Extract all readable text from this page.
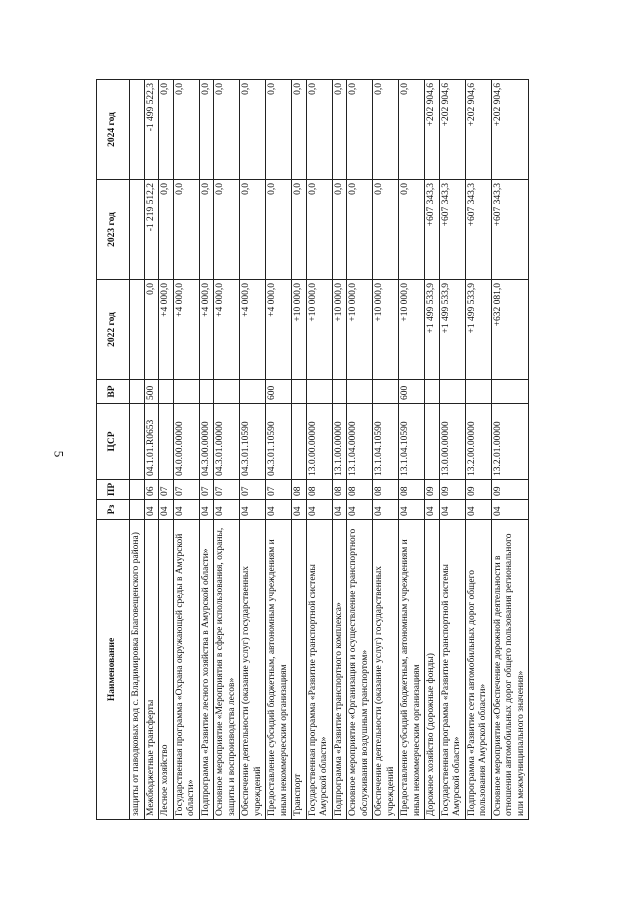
5
Наименование	Рз	ПР	ЦСР	ВР	2022 год	2023 год	2024 год
защиты от паводковых вод с. Владимировка Благовещенского района)							
Межбюджетные трансферты	04	06	04.1.01.R0653	500	0,0	-1 219 512,2	-1 499 522,3
Лесное хозяйство	04	07			+4 000,0	0,0	0,0
Государственная программа «Охрана окружающей среды в Амурской области»	04	07	04.0.00.00000		+4 000,0	0,0	0,0
Подпрограмма «Развитие лесного хозяйства в Амурской области»	04	07	04.3.00.00000		+4 000,0	0,0	0,0
Основное мероприятие «Мероприятия в сфере использования, охраны, защиты и воспроизводства лесов»	04	07	04.3.01.00000		+4 000,0	0,0	0,0
Обеспечение деятельности (оказание услуг) государственных учреждений	04	07	04.3.01.10590		+4 000,0	0,0	0,0
Предоставление субсидий бюджетным, автономным учреждениям и иным некоммерческим организациям	04	07	04.3.01.10590	600	+4 000,0	0,0	0,0
Транспорт	04	08			+10 000,0	0,0	0,0
Государственная программа «Развитие транспортной системы Амурской области»	04	08	13.0.00.00000		+10 000,0	0,0	0,0
Подпрограмма «Развитие транспортного комплекса»	04	08	13.1.00.00000		+10 000,0	0,0	0,0
Основное мероприятие «Организация и осуществление транспортного обслуживания воздушным транспортом»	04	08	13.1.04.00000		+10 000,0	0,0	0,0
Обеспечение деятельности (оказание услуг) государственных учреждений	04	08	13.1.04.10590		+10 000,0	0,0	0,0
Предоставление субсидий бюджетным, автономным учреждениям и иным некоммерческим организациям	04	08	13.1.04.10590	600	+10 000,0	0,0	0,0
Дорожное хозяйство (дорожные фонды)	04	09			+1 499 533,9	+607 343,3	+202 904,6
Государственная программа «Развитие транспортной системы Амурской области»	04	09	13.0.00.00000		+1 499 533,9	+607 343,3	+202 904,6
Подпрограмма «Развитие сети автомобильных дорог общего пользования Амурской области»	04	09	13.2.00.00000		+1 499 533,9	+607 343,3	+202 904,6
Основное мероприятие «Обеспечение дорожной деятельности в отношении автомобильных дорог общего пользования регионального или межмуниципального значения»	04	09	13.2.01.00000		+632 081,0	+607 343,3	+202 904,6
